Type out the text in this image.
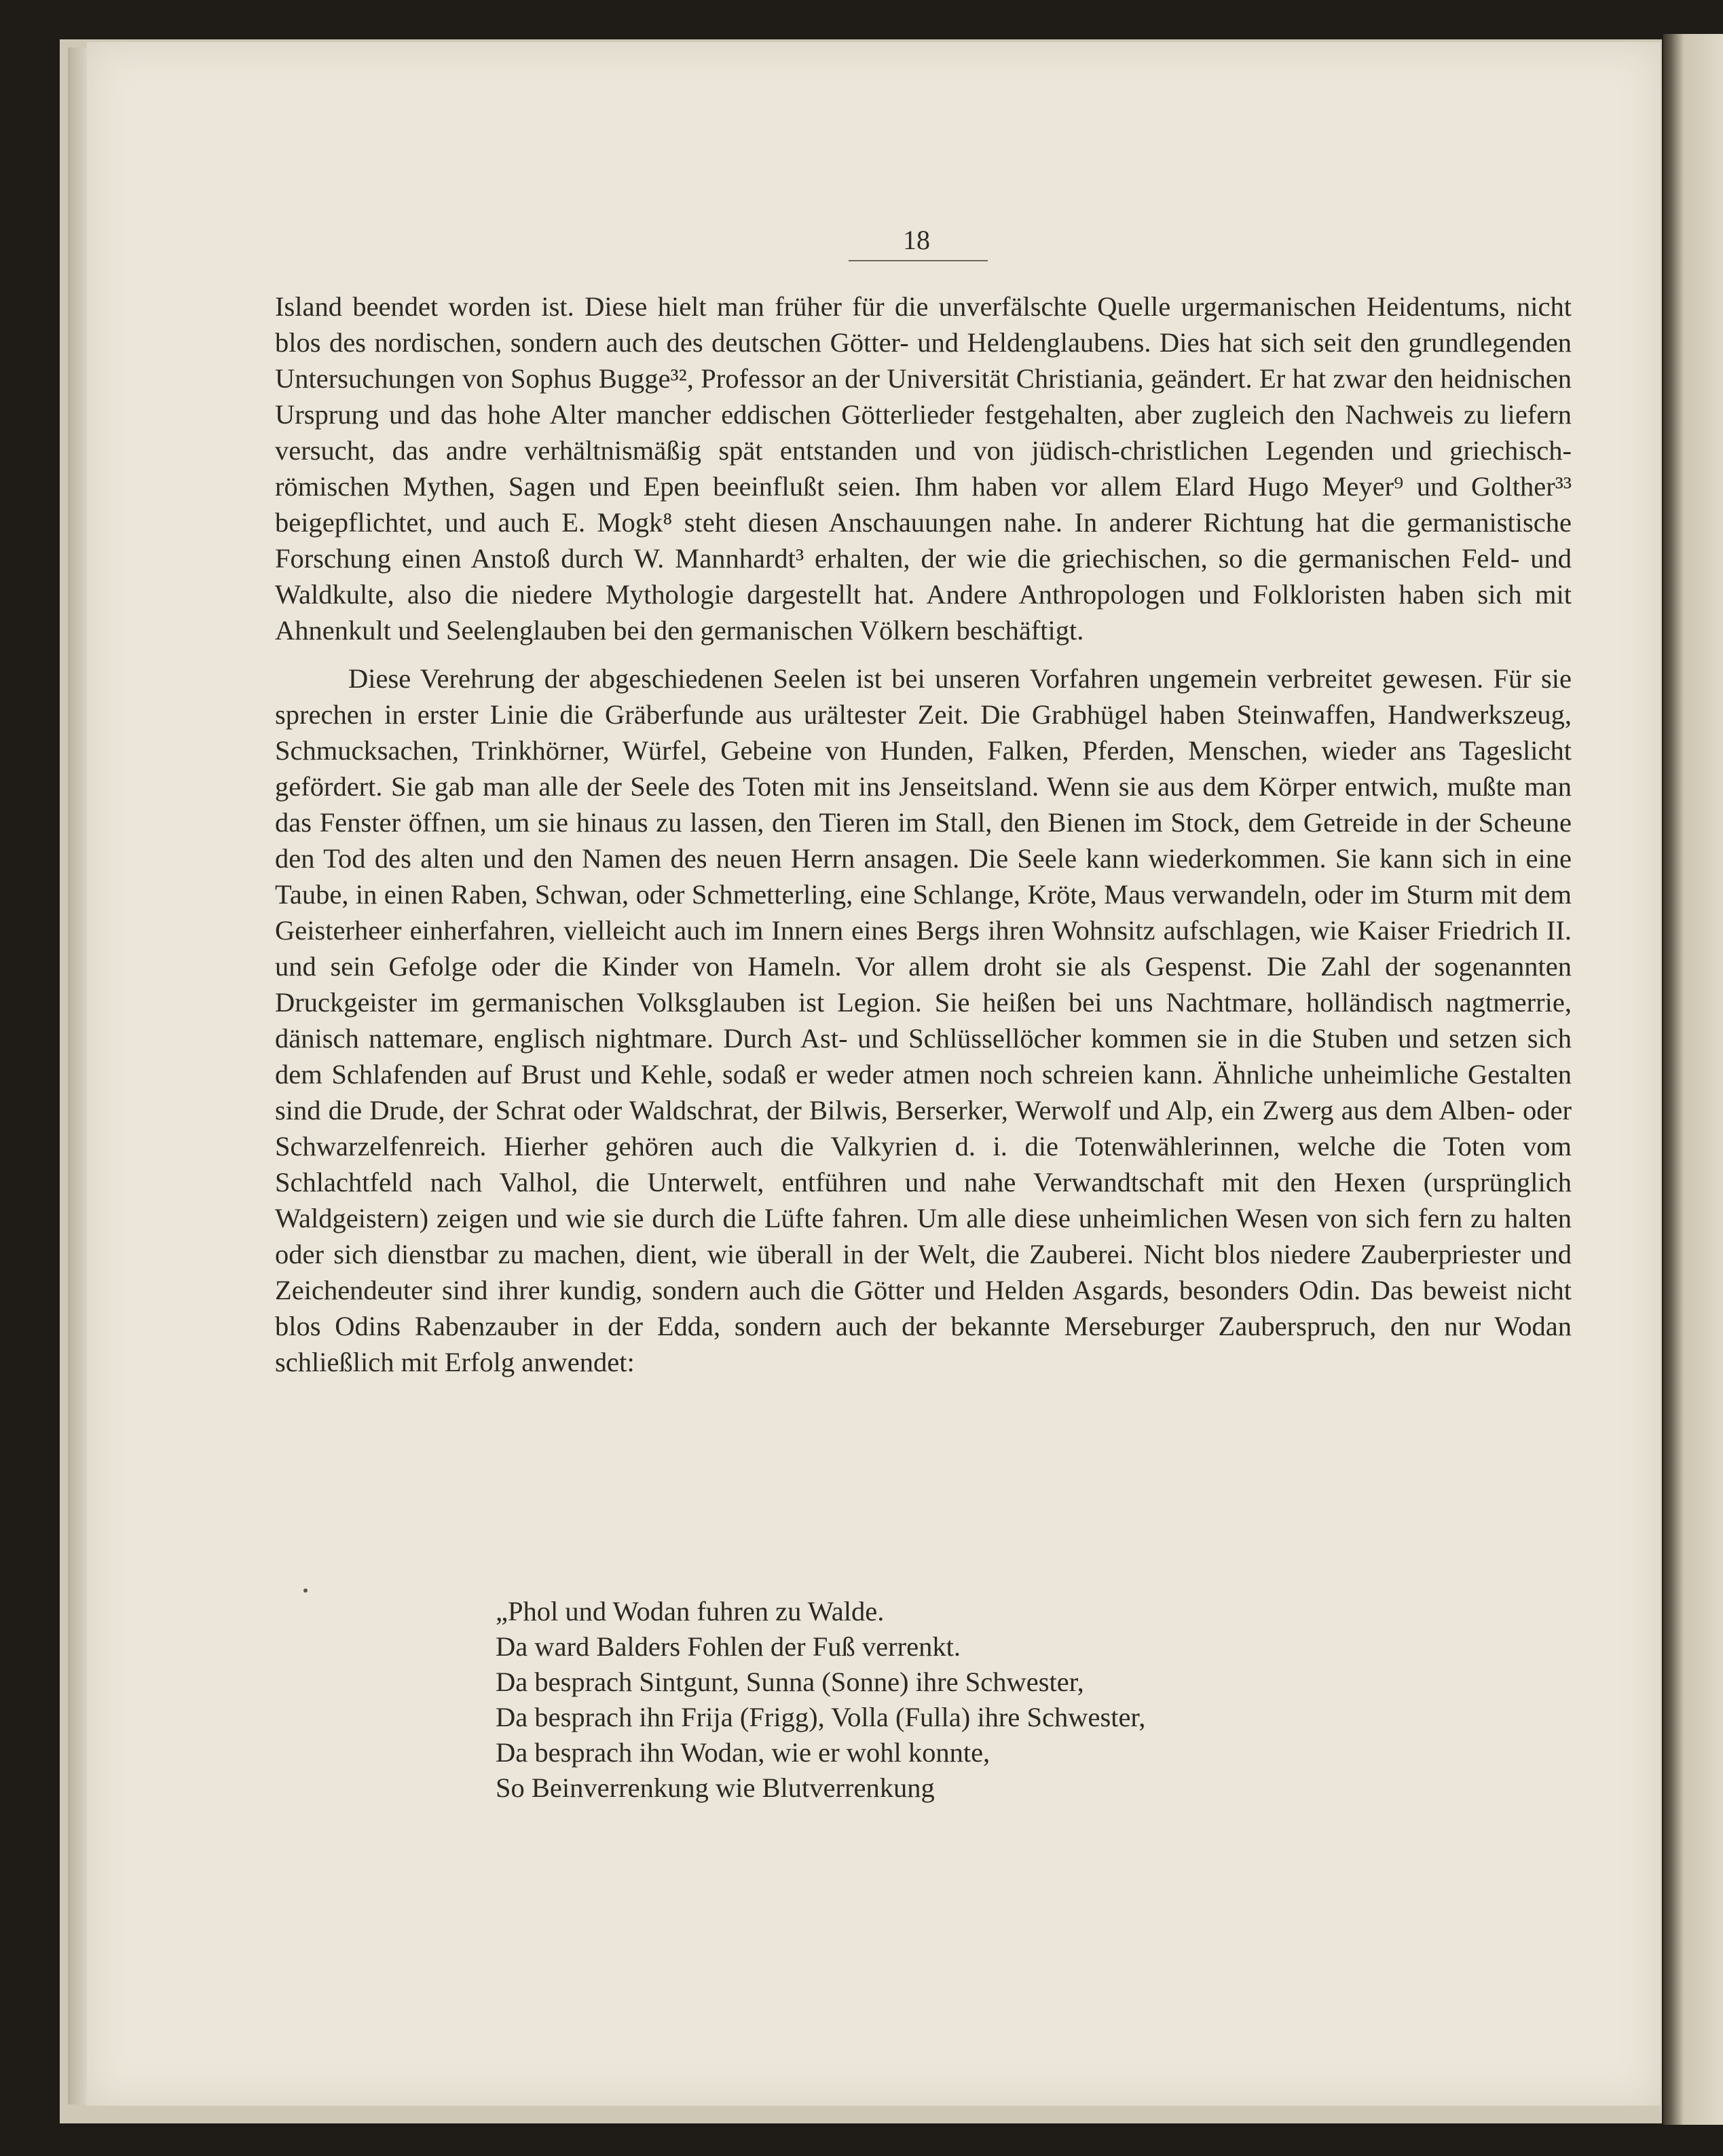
18

Island beendet worden ist. Diese hielt man früher für die unverfälschte Quelle urgermanischen Heidentums, nicht blos des nordischen, sondern auch des deutschen Götter- und Heldenglaubens. Dies hat sich seit den grundlegenden Untersuchungen von Sophus Bugge³², Professor an der Universität Christiania, geändert. Er hat zwar den heidnischen Ursprung und das hohe Alter mancher eddischen Götterlieder festgehalten, aber zugleich den Nachweis zu liefern versucht, das andre verhältnismäßig spät entstanden und von jüdisch-christlichen Legenden und griechisch-römischen Mythen, Sagen und Epen beeinflußt seien. Ihm haben vor allem Elard Hugo Meyer⁹ und Golther³³ beigepflichtet, und auch E. Mogk⁸ steht diesen Anschauungen nahe. In anderer Richtung hat die germanistische Forschung einen Anstoß durch W. Mannhardt³ erhalten, der wie die griechischen, so die germanischen Feld- und Waldkulte, also die niedere Mythologie dargestellt hat. Andere Anthropologen und Folkloristen haben sich mit Ahnenkult und Seelenglauben bei den germanischen Völkern beschäftigt.

Diese Verehrung der abgeschiedenen Seelen ist bei unseren Vorfahren ungemein verbreitet gewesen. Für sie sprechen in erster Linie die Gräberfunde aus urältester Zeit. Die Grabhügel haben Steinwaffen, Handwerkszeug, Schmucksachen, Trinkhörner, Würfel, Gebeine von Hunden, Falken, Pferden, Menschen, wieder ans Tageslicht gefördert. Sie gab man alle der Seele des Toten mit ins Jenseitsland. Wenn sie aus dem Körper entwich, mußte man das Fenster öffnen, um sie hinaus zu lassen, den Tieren im Stall, den Bienen im Stock, dem Getreide in der Scheune den Tod des alten und den Namen des neuen Herrn ansagen. Die Seele kann wiederkommen. Sie kann sich in eine Taube, in einen Raben, Schwan, oder Schmetterling, eine Schlange, Kröte, Maus verwandeln, oder im Sturm mit dem Geisterheer einherfahren, vielleicht auch im Innern eines Bergs ihren Wohnsitz aufschlagen, wie Kaiser Friedrich II. und sein Gefolge oder die Kinder von Hameln. Vor allem droht sie als Gespenst. Die Zahl der sogenannten Druckgeister im germanischen Volksglauben ist Legion. Sie heißen bei uns Nachtmare, holländisch nagtmerrie, dänisch nattemare, englisch nightmare. Durch Ast- und Schlüssellöcher kommen sie in die Stuben und setzen sich dem Schlafenden auf Brust und Kehle, sodaß er weder atmen noch schreien kann. Ähnliche unheimliche Gestalten sind die Drude, der Schrat oder Waldschrat, der Bilwis, Berserker, Werwolf und Alp, ein Zwerg aus dem Alben- oder Schwarzelfenreich. Hierher gehören auch die Valkyrien d. i. die Totenwählerinnen, welche die Toten vom Schlachtfeld nach Valhol, die Unterwelt, entführen und nahe Verwandtschaft mit den Hexen (ursprünglich Waldgeistern) zeigen und wie sie durch die Lüfte fahren. Um alle diese unheimlichen Wesen von sich fern zu halten oder sich dienstbar zu machen, dient, wie überall in der Welt, die Zauberei. Nicht blos niedere Zauberpriester und Zeichendeuter sind ihrer kundig, sondern auch die Götter und Helden Asgards, besonders Odin. Das beweist nicht blos Odins Rabenzauber in der Edda, sondern auch der bekannte Merseburger Zauberspruch, den nur Wodan schließlich mit Erfolg anwendet:

„Phol und Wodan fuhren zu Walde.
Da ward Balders Fohlen der Fuß verrenkt.
Da besprach Sintgunt, Sunna (Sonne) ihre Schwester,
Da besprach ihn Frija (Frigg), Volla (Fulla) ihre Schwester,
Da besprach ihn Wodan, wie er wohl konnte,
So Beinverrenkung wie Blutverrenkung
